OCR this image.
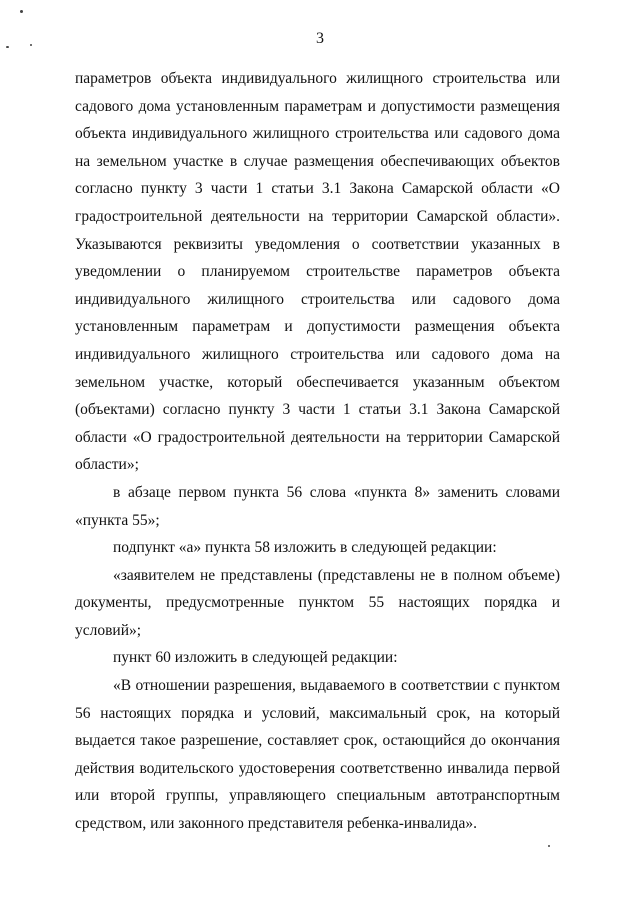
3

параметров объекта индивидуального жилищного строительства или садового дома установленным параметрам и допустимости размещения объекта индивидуального жилищного строительства или садового дома на земельном участке в случае размещения обеспечивающих объектов согласно пункту 3 части 1 статьи 3.1 Закона Самарской области «О градостроительной деятельности на территории Самарской области». Указываются реквизиты уведомления о соответствии указанных в уведомлении о планируемом строительстве параметров объекта индивидуального жилищного строительства или садового дома установленным параметрам и допустимости размещения объекта индивидуального жилищного строительства или садового дома на земельном участке, который обеспечивается указанным объектом (объектами) согласно пункту 3 части 1 статьи 3.1 Закона Самарской области «О градостроительной деятельности на территории Самарской области»;

в абзаце первом пункта 56 слова «пункта 8» заменить словами «пункта 55»;

подпункт «а» пункта 58 изложить в следующей редакции:

«заявителем не представлены (представлены не в полном объеме) документы, предусмотренные пунктом 55 настоящих порядка и условий»;

пункт 60 изложить в следующей редакции:

«В отношении разрешения, выдаваемого в соответствии с пунктом 56 настоящих порядка и условий, максимальный срок, на который выдается такое разрешение, составляет срок, остающийся до окончания действия водительского удостоверения соответственно инвалида первой или второй группы, управляющего специальным автотранспортным средством, или законного представителя ребенка-инвалида».
